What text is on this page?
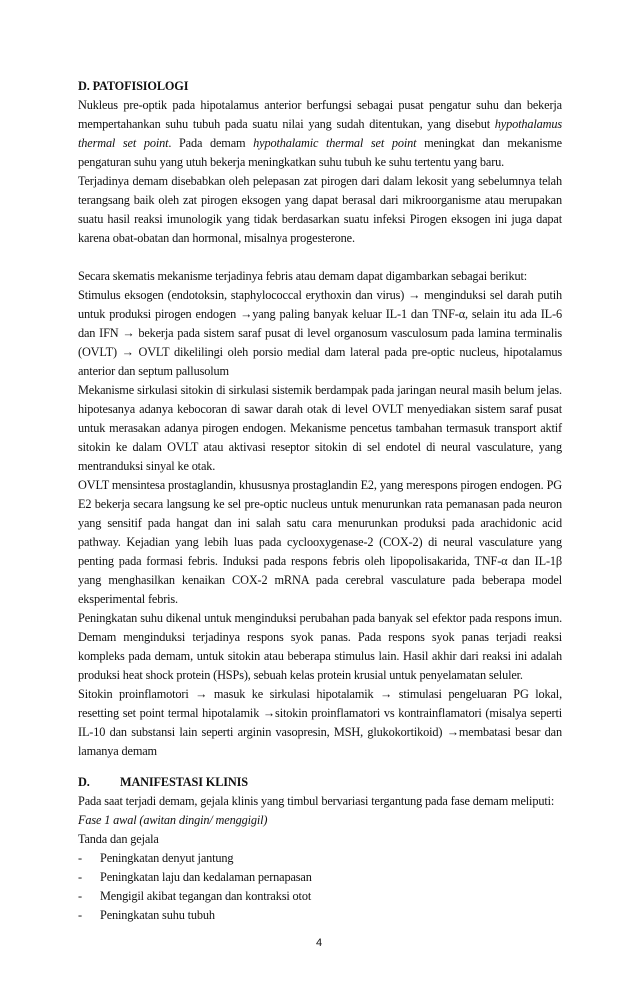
D. PATOFISIOLOGI

Nukleus pre-optik pada hipotalamus anterior berfungsi sebagai pusat pengatur suhu dan bekerja mempertahankan suhu tubuh pada suatu nilai yang sudah ditentukan, yang disebut hypothalamus thermal set point. Pada demam hypothalamic thermal set point meningkat dan mekanisme pengaturan suhu yang utuh bekerja meningkatkan suhu tubuh ke suhu tertentu yang baru.

Terjadinya demam disebabkan oleh pelepasan zat pirogen dari dalam lekosit yang sebelumnya telah terangsang baik oleh zat pirogen eksogen yang dapat berasal dari mikroorganisme atau merupakan suatu hasil reaksi imunologik yang tidak berdasarkan suatu infeksi Pirogen eksogen ini juga dapat karena obat-obatan dan hormonal, misalnya progesterone.

Secara skematis mekanisme terjadinya febris atau demam dapat digambarkan sebagai berikut:

Stimulus eksogen (endotoksin, staphylococcal erythoxin dan virus) → menginduksi sel darah putih untuk produksi pirogen endogen →yang paling banyak keluar IL-1 dan TNF-α, selain itu ada IL-6 dan IFN → bekerja pada sistem saraf pusat di level organosum vasculosum pada lamina terminalis (OVLT) → OVLT dikelilingi oleh porsio medial dam lateral pada pre-optic nucleus, hipotalamus anterior dan septum pallusolum

Mekanisme sirkulasi sitokin di sirkulasi sistemik berdampak pada jaringan neural masih belum jelas. hipotesanya adanya kebocoran di sawar darah otak di level OVLT menyediakan sistem saraf pusat untuk merasakan adanya pirogen endogen. Mekanisme pencetus tambahan termasuk transport aktif sitokin ke dalam OVLT atau aktivasi reseptor sitokin di sel endotel di neural vasculature, yang mentranduksi sinyal ke otak.

OVLT mensintesa prostaglandin, khususnya prostaglandin E2, yang merespons pirogen endogen. PG E2 bekerja secara langsung ke sel pre-optic nucleus untuk menurunkan rata pemanasan pada neuron yang sensitif pada hangat dan ini salah satu cara menurunkan produksi pada arachidonic acid pathway. Kejadian yang lebih luas pada cyclooxygenase-2 (COX-2) di neural vasculature yang penting pada formasi febris. Induksi pada respons febris oleh lipopolisakarida, TNF-α dan IL-1β yang menghasilkan kenaikan COX-2 mRNA pada cerebral vasculature pada beberapa model eksperimental febris.

Peningkatan suhu dikenal untuk menginduksi perubahan pada banyak sel efektor pada respons imun. Demam menginduksi terjadinya respons syok panas. Pada respons syok panas terjadi reaksi kompleks pada demam, untuk sitokin atau beberapa stimulus lain. Hasil akhir dari reaksi ini adalah produksi heat shock protein (HSPs), sebuah kelas protein krusial untuk penyelamatan seluler.

Sitokin proinflamotori → masuk ke sirkulasi hipotalamik → stimulasi pengeluaran PG lokal, resetting set point termal hipotalamik →sitokin proinflamatori vs kontrainflamatori (misalya seperti IL-10 dan substansi lain seperti arginin vasopresin, MSH, glukokortikoid) →membatasi besar dan lamanya demam

D. MANIFESTASI KLINIS

Pada saat terjadi demam, gejala klinis yang timbul bervariasi tergantung pada fase demam meliputi:

Fase 1 awal (awitan dingin/ menggigil)

Tanda dan gejala

- Peningkatan denyut jantung
- Peningkatan laju dan kedalaman pernapasan
- Mengigil akibat tegangan dan kontraksi otot
- Peningkatan suhu tubuh
4
